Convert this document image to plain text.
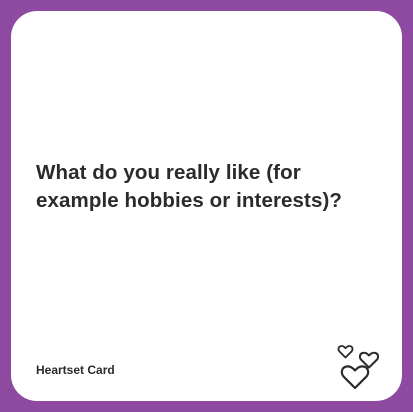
What do you really like (for example hobbies or interests)?

Heartset Card
